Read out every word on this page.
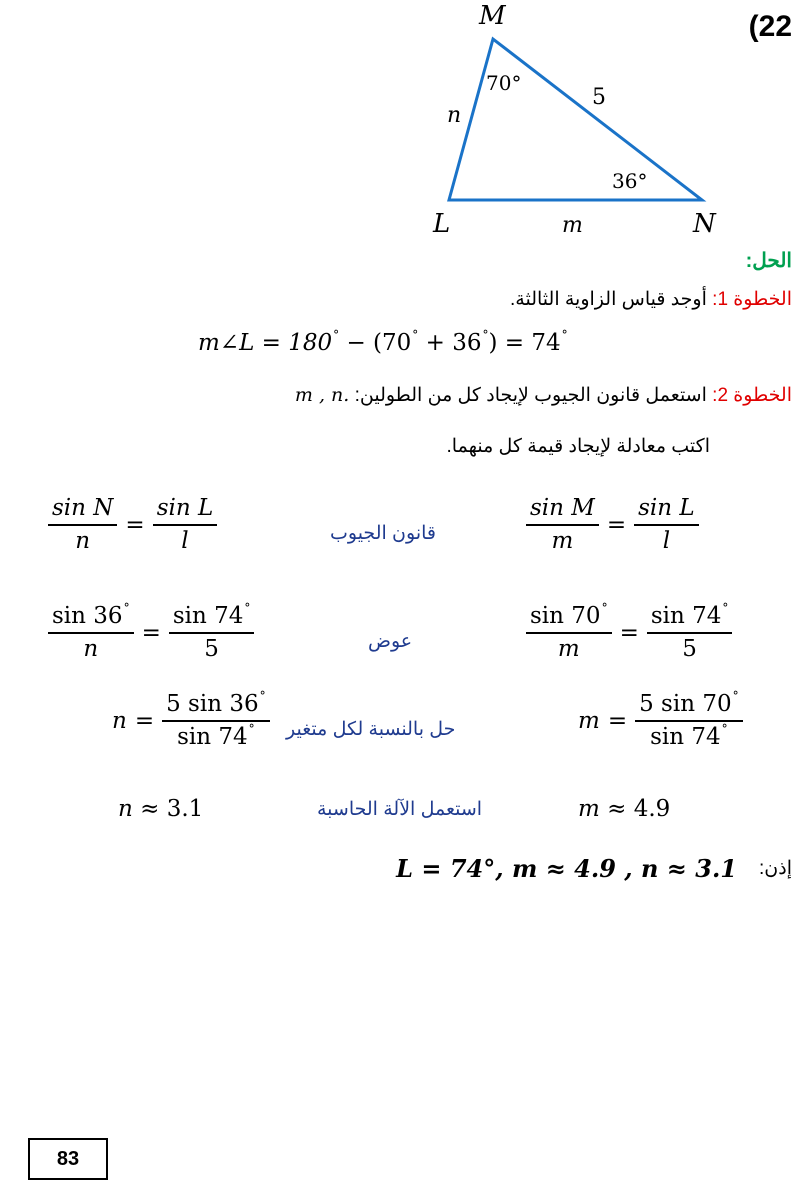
(22
M
L	N
5
n
m
70°
36°
الحل:
الخطوة 1: أوجد قياس الزاوية الثالثة.
m∠L = 180° − (70° + 36°) = 74°
الخطوة 2: استعمل قانون الجيوب لإيجاد كل من الطولين: m , n.
اكتب معادلة لإيجاد قيمة كل منهما.
$\frac{\text{sin N}}{n} = \frac{\text{sin L}}{l}$	قانون الجيوب	$\frac{\text{sin M}}{m} = \frac{\text{sin L}}{l}$
$\frac{\sin 36^\circ}{n} = \frac{\sin 74^\circ}{5}$	عوض	$\frac{\sin 70^\circ}{m} = \frac{\sin 74^\circ}{5}$
$n = \frac{5 \sin 36^\circ}{\sin 74^\circ}$ حل بالنسبة لكل متغير	$m = \frac{5 \sin 70^\circ}{\sin 74^\circ}$
n ≈ 3.1	استعمل الآلة الحاسبة	m ≈ 4.9
L = 74°, m ≈ 4.9 , n ≈ 3.1 إذن:
83
